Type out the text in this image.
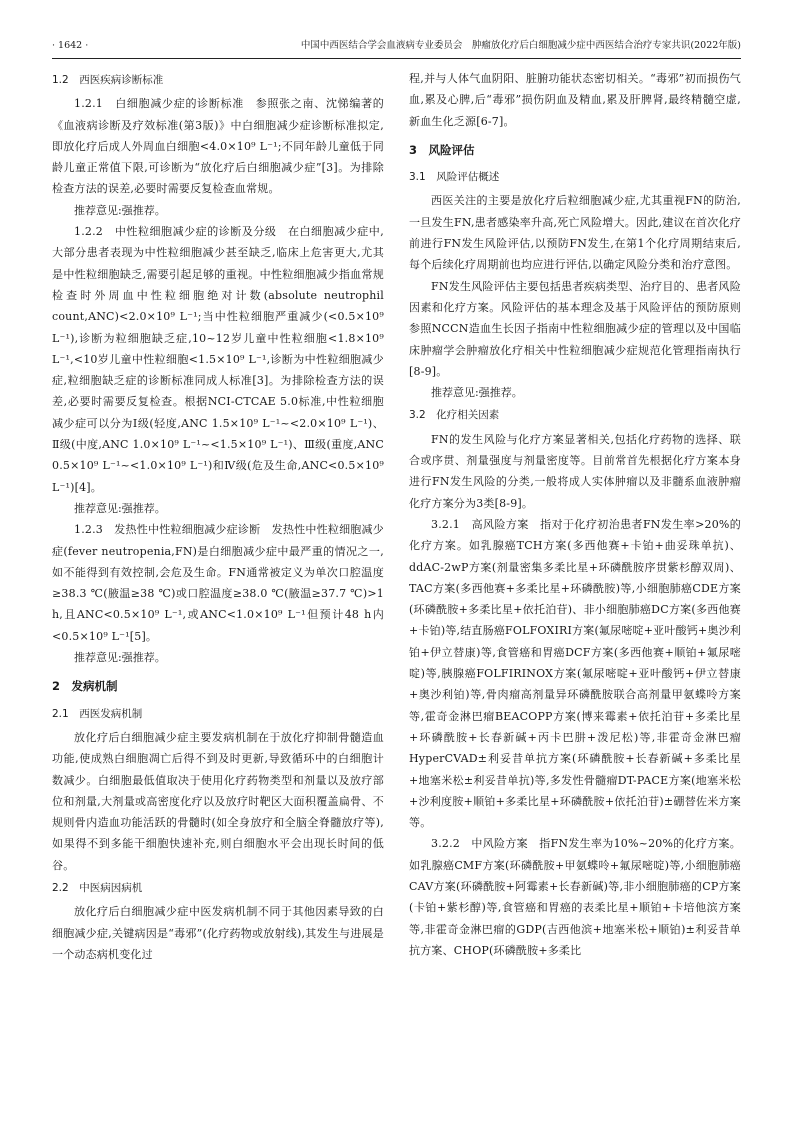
· 1642 ·	中国中西医结合学会血液病专业委员会　肿瘤放化疗后白细胞减少症中西医结合治疗专家共识(2022年版)
1.2　西医疾病诊断标准
1.2.1　白细胞减少症的诊断标准　参照张之南、沈悌编著的《血液病诊断及疗效标准(第3版)》中白细胞减少症诊断标准拟定,即放化疗后成人外周血白细胞<4.0×10⁹ L⁻¹;不同年龄儿童低于同龄儿童正常值下限,可诊断为“放化疗后白细胞减少症”[3]。为排除检查方法的误差,必要时需要反复检查血常规。
推荐意见:强推荐。
1.2.2　中性粒细胞减少症的诊断及分级　在白细胞减少症中,大部分患者表现为中性粒细胞减少甚至缺乏,临床上危害更大,尤其是中性粒细胞缺乏,需要引起足够的重视。中性粒细胞减少指血常规检查时外周血中性粒细胞绝对计数(absolute neutrophil count,ANC)<2.0×10⁹ L⁻¹;当中性粒细胞严重减少(<0.5×10⁹ L⁻¹),诊断为粒细胞缺乏症,10~12岁儿童中性粒细胞<1.8×10⁹ L⁻¹,<10岁儿童中性粒细胞<1.5×10⁹ L⁻¹,诊断为中性粒细胞减少症,粒细胞缺乏症的诊断标准同成人标准[3]。为排除检查方法的误差,必要时需要反复检查。根据NCI-CTCAE 5.0标准,中性粒细胞减少症可以分为Ⅰ级(轻度,ANC 1.5×10⁹ L⁻¹~<2.0×10⁹ L⁻¹)、Ⅱ级(中度,ANC 1.0×10⁹ L⁻¹~<1.5×10⁹ L⁻¹)、Ⅲ级(重度,ANC 0.5×10⁹ L⁻¹~<1.0×10⁹ L⁻¹)和Ⅳ级(危及生命,ANC<0.5×10⁹ L⁻¹)[4]。
推荐意见:强推荐。
1.2.3　发热性中性粒细胞减少症诊断　发热性中性粒细胞减少症(fever neutropenia,FN)是白细胞减少症中最严重的情况之一,如不能得到有效控制,会危及生命。FN通常被定义为单次口腔温度≥38.3 ℃(腋温≥38 ℃)或口腔温度≥38.0 ℃(腋温≥37.7 ℃)>1 h,且ANC<0.5×10⁹ L⁻¹,或ANC<1.0×10⁹ L⁻¹但预计48 h内<0.5×10⁹ L⁻¹[5]。
推荐意见:强推荐。
2　发病机制
2.1　西医发病机制
放化疗后白细胞减少症主要发病机制在于放化疗抑制骨髓造血功能,使成熟白细胞凋亡后得不到及时更新,导致循环中的白细胞计数减少。白细胞最低值取决于使用化疗药物类型和剂量以及放疗部位和剂量,大剂量或高密度化疗以及放疗时靶区大面积覆盖扁骨、不规则骨内造血功能活跃的骨髓时(如全身放疗和全脑全脊髓放疗等),如果得不到多能干细胞快速补充,则白细胞水平会出现长时间的低谷。
2.2　中医病因病机
放化疗后白细胞减少症中医发病机制不同于其他因素导致的白细胞减少症,关键病因是“毒邪”(化疗药物或放射线),其发生与进展是一个动态病机变化过
程,并与人体气血阴阳、脏腑功能状态密切相关。“毒邪”初而损伤气血,累及心脾,后“毒邪”损伤阴血及精血,累及肝脾肾,最终精髓空虚,新血生化乏源[6-7]。
3　风险评估
3.1　风险评估概述
西医关注的主要是放化疗后粒细胞减少症,尤其重视FN的防治,一旦发生FN,患者感染率升高,死亡风险增大。因此,建议在首次化疗前进行FN发生风险评估,以预防FN发生,在第1个化疗周期结束后,每个后续化疗周期前也均应进行评估,以确定风险分类和治疗意图。
FN发生风险评估主要包括患者疾病类型、治疗目的、患者风险因素和化疗方案。风险评估的基本理念及基于风险评估的预防原则参照NCCN造血生长因子指南中性粒细胞减少症的管理以及中国临床肿瘤学会肿瘤放化疗相关中性粒细胞减少症规范化管理指南执行[8-9]。
推荐意见:强推荐。
3.2　化疗相关因素
FN的发生风险与化疗方案显著相关,包括化疗药物的选择、联合或序贯、剂量强度与剂量密度等。目前常首先根据化疗方案本身进行FN发生风险的分类,一般将成人实体肿瘤以及非髓系血液肿瘤化疗方案分为3类[8-9]。
3.2.1　高风险方案　指对于化疗初治患者FN发生率>20%的化疗方案。如乳腺癌TCH方案(多西他赛+卡铂+曲妥珠单抗)、ddAC-2wP方案(剂量密集多柔比星+环磷酰胺序贯紫杉醇双周)、TAC方案(多西他赛+多柔比星+环磷酰胺)等,小细胞肺癌CDE方案(环磷酰胺+多柔比星+依托泊苷)、非小细胞肺癌DC方案(多西他赛+卡铂)等,结直肠癌FOLFOXIRI方案(氟尿嘧啶+亚叶酸钙+奥沙利铂+伊立替康)等,食管癌和胃癌DCF方案(多西他赛+顺铂+氟尿嘧啶)等,胰腺癌FOLFIRINOX方案(氟尿嘧啶+亚叶酸钙+伊立替康+奥沙利铂)等,骨肉瘤高剂量异环磷酰胺联合高剂量甲氨蝶呤方案等,霍奇金淋巴瘤BEACOPP方案(博来霉素+依托泊苷+多柔比星+环磷酰胺+长春新碱+丙卡巴肼+泼尼松)等,非霍奇金淋巴瘤HyperCVAD±利妥昔单抗方案(环磷酰胺+长春新碱+多柔比星+地塞米松±利妥昔单抗)等,多发性骨髓瘤DT-PACE方案(地塞米松+沙利度胺+顺铂+多柔比星+环磷酰胺+依托泊苷)±硼替佐米方案等。
3.2.2　中风险方案　指FN发生率为10%~20%的化疗方案。如乳腺癌CMF方案(环磷酰胺+甲氨蝶呤+氟尿嘧啶)等,小细胞肺癌CAV方案(环磷酰胺+阿霉素+长春新碱)等,非小细胞肺癌的CP方案(卡铂+紫杉醇)等,食管癌和胃癌的表柔比星+顺铂+卡培他滨方案等,非霍奇金淋巴瘤的GDP(吉西他滨+地塞米松+顺铂)±利妥昔单抗方案、CHOP(环磷酰胺+多柔比
